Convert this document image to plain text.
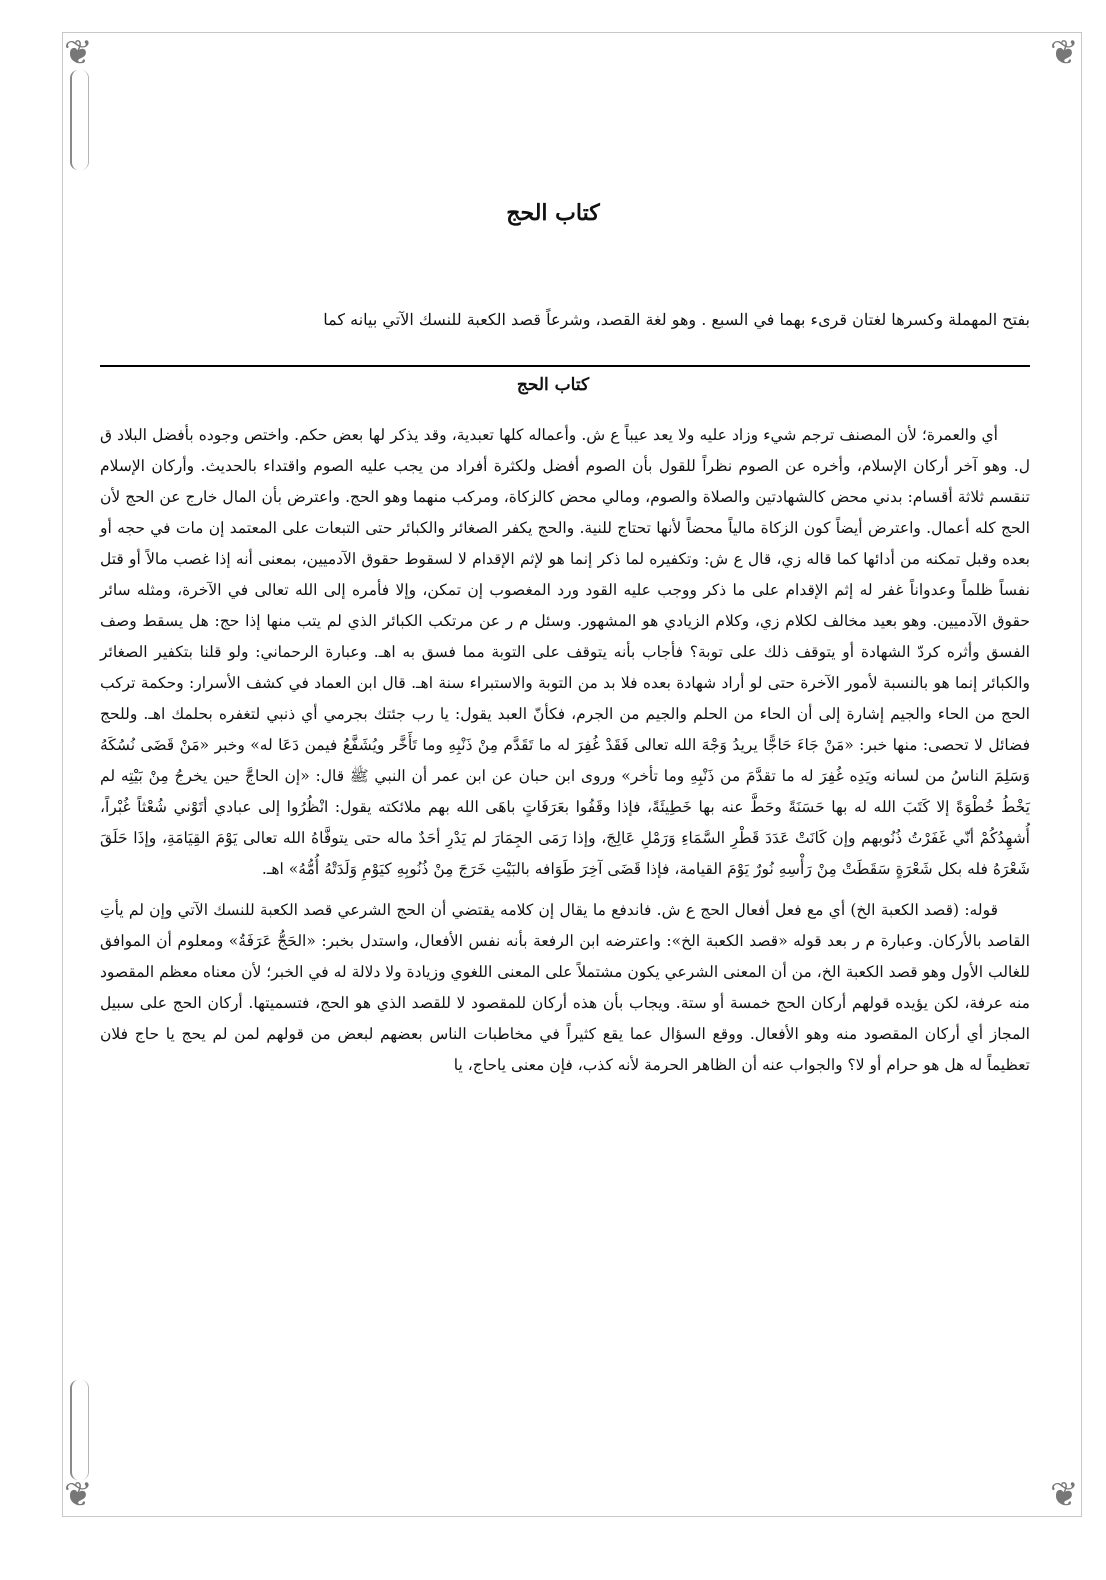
❦	❦
❦	❦
كتاب الحج
بفتح المهملة وكسرها لغتان قرىء بهما في السبع . وهو لغة القصد، وشرعاً قصد الكعبة للنسك الآتي بيانه كما
كتاب الحج

أي والعمرة؛ لأن المصنف ترجم شيء وزاد عليه ولا يعد عيباً ع ش. وأعماله كلها تعبدية، وقد يذكر لها بعض حكم. واختص وجوده بأفضل البلاد ق ل. وهو آخر أركان الإسلام، وأخره عن الصوم نظراً للقول بأن الصوم أفضل ولكثرة أفراد من يجب عليه الصوم واقتداء بالحديث. وأركان الإسلام تنقسم ثلاثة أقسام: بدني محض كالشهادتين والصلاة والصوم، ومالي محض كالزكاة، ومركب منهما وهو الحج. واعترض بأن المال خارج عن الحج لأن الحج كله أعمال. واعترض أيضاً كون الزكاة مالياً محضاً لأنها تحتاج للنية. والحج يكفر الصغائر والكبائر حتى التبعات على المعتمد إن مات في حجه أو بعده وقبل تمكنه من أدائها كما قاله زي، قال ع ش: وتكفيره لما ذكر إنما هو لإثم الإقدام لا لسقوط حقوق الآدميين، بمعنى أنه إذا غصب مالاً أو قتل نفساً ظلماً وعدواناً غفر له إثم الإقدام على ما ذكر ووجب عليه القود ورد المغصوب إن تمكن، وإلا فأمره إلى الله تعالى في الآخرة، ومثله سائر حقوق الآدميين. وهو بعيد مخالف لكلام زي، وكلام الزيادي هو المشهور. وسئل م ر عن مرتكب الكبائر الذي لم يتب منها إذا حج: هل يسقط وصف الفسق وأثره كردّ الشهادة أو يتوقف ذلك على توبة؟ فأجاب بأنه يتوقف على التوبة مما فسق به اهـ. وعبارة الرحماني: ولو قلنا بتكفير الصغائر والكبائر إنما هو بالنسبة لأمور الآخرة حتى لو أراد شهادة بعده فلا بد من التوبة والاستبراء سنة اهـ. قال ابن العماد في كشف الأسرار: وحكمة تركب الحج من الحاء والجيم إشارة إلى أن الحاء من الحلم والجيم من الجرم، فكأنّ العبد يقول: يا رب جئتك بجرمي أي ذنبي لتغفره بحلمك اهـ. وللحج فضائل لا تحصى: منها خبر: «مَنْ جَاءَ حَاجًّا يريدُ وَجْهَ الله تعالى فَقَدْ غُفِرَ له ما تَقَدَّم مِنْ ذَنْبِهِ وما تَأَخَّر ويُشَفَّعُ فيمن دَعَا له» وخبر «مَنْ قَضَى نُسُكَهُ وَسَلِمَ الناسُ من لسانه ويَدِه غُفِرَ له ما تقدَّمَ من ذَنْبِهِ وما تأخر» وروى ابن حبان عن ابن عمر أن النبي ﷺ قال: «إن الحاجَّ حين يخرجُ مِنْ بَيْتِه لم يَخْطُ خُطْوَةً إلا كَتَبَ الله له بها حَسَنَةً وحَطَّ عنه بها خَطِيئَةً، فإذا وقَفُوا بعَرَفَاتٍ باهَى الله بهم ملائكته يقول: انْظُرُوا إلى عبادي أتَوْني شُعْثاً غُبْراً، أُشهِدُكُمْ أنّي غَفَرْتُ ذُنُوبهم وإن كَانَتْ عَدَدَ قَطْرِ السَّمَاءِ وَرَمْلِ عَالِجَ، وإذا رَمَى الجِمَارَ لم يَدْرِ أحَدٌ ماله حتى يتوفَّاهُ الله تعالى يَوْمَ القِيَامَةِ، وإذَا حَلَقَ شَعْرَهُ فله بكل شَعْرَةٍ سَقَطَتْ مِنْ رَأْسِهِ نُورٌ يَوْمَ القيامة، فإذا قَضَى آخِرَ طَوَافه بالبَيْتِ خَرَجَ مِنْ ذُنُوبِهِ كيَوْمِ وَلَدَتْهُ أُمُّهُ» اهـ.

قوله: (قصد الكعبة الخ) أي مع فعل أفعال الحج ع ش. فاندفع ما يقال إن كلامه يقتضي أن الحج الشرعي قصد الكعبة للنسك الآتي وإن لم يأتِ القاصد بالأركان. وعبارة م ر بعد قوله «قصد الكعبة الخ»: واعترضه ابن الرفعة بأنه نفس الأفعال، واستدل بخبر: «الحَجُّ عَرَفَةُ» ومعلوم أن الموافق للغالب الأول وهو قصد الكعبة الخ، من أن المعنى الشرعي يكون مشتملاً على المعنى اللغوي وزيادة ولا دلالة له في الخبر؛ لأن معناه معظم المقصود منه عرفة، لكن يؤيده قولهم أركان الحج خمسة أو ستة. ويجاب بأن هذه أركان للمقصود لا للقصد الذي هو الحج، فتسميتها. أركان الحج على سبيل المجاز أي أركان المقصود منه وهو الأفعال. ووقع السؤال عما يقع كثيراً في مخاطبات الناس بعضهم لبعض من قولهم لمن لم يحج يا حاج فلان تعظيماً له هل هو حرام أو لا؟ والجواب عنه أن الظاهر الحرمة لأنه كذب، فإن معنى ياحاج، يا
